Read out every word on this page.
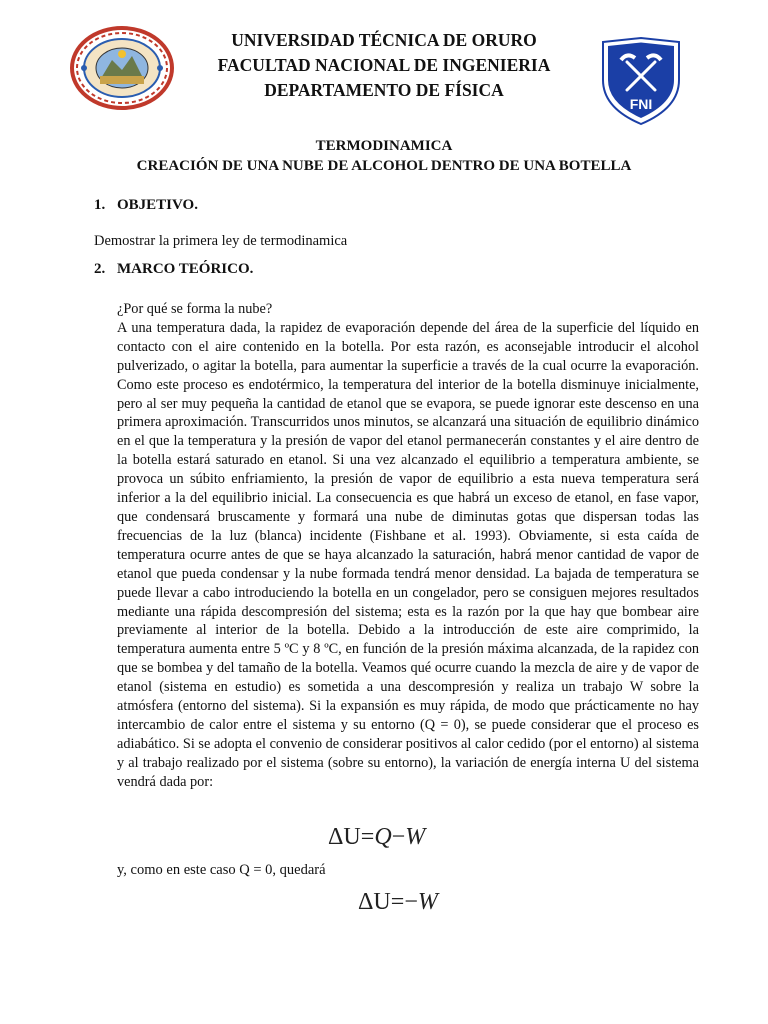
UNIVERSIDAD TÉCNICA DE ORURO
FACULTAD NACIONAL DE INGENIERIA
DEPARTAMENTO DE FÍSICA
FNI
TERMODINAMICA
CREACIÓN DE UNA NUBE DE ALCOHOL DENTRO DE UNA BOTELLA
1. OBJETIVO.
Demostrar la primera ley de termodinamica
2. MARCO TEÓRICO.

¿Por qué se forma la nube?

A una temperatura dada, la rapidez de evaporación depende del área de la superficie del líquido en contacto con el aire contenido en la botella. Por esta razón, es aconsejable introducir el alcohol pulverizado, o agitar la botella, para aumentar la superficie a través de la cual ocurre la evaporación. Como este proceso es endotérmico, la temperatura del interior de la botella disminuye inicialmente, pero al ser muy pequeña la cantidad de etanol que se evapora, se puede ignorar este descenso en una primera aproximación. Transcurridos unos minutos, se alcanzará una situación de equilibrio dinámico en el que la temperatura y la presión de vapor del etanol permanecerán constantes y el aire dentro de la botella estará saturado en etanol. Si una vez alcanzado el equilibrio a temperatura ambiente, se provoca un súbito enfriamiento, la presión de vapor de equilibrio a esta nueva temperatura será inferior a la del equilibrio inicial. La consecuencia es que habrá un exceso de etanol, en fase vapor, que condensará bruscamente y formará una nube de diminutas gotas que dispersan todas las frecuencias de la luz (blanca) incidente (Fishbane et al. 1993). Obviamente, si esta caída de temperatura ocurre antes de que se haya alcanzado la saturación, habrá menor cantidad de vapor de etanol que pueda condensar y la nube formada tendrá menor densidad. La bajada de temperatura se puede llevar a cabo introduciendo la botella en un congelador, pero se consiguen mejores resultados mediante una rápida descompresión del sistema; esta es la razón por la que hay que bombear aire previamente al interior de la botella. Debido a la introducción de este aire comprimido, la temperatura aumenta entre 5 ºC y 8 ºC, en función de la presión máxima alcanzada, de la rapidez con que se bombea y del tamaño de la botella. Veamos qué ocurre cuando la mezcla de aire y de vapor de etanol (sistema en estudio) es sometida a una descompresión y realiza un trabajo W sobre la atmósfera (entorno del sistema). Si la expansión es muy rápida, de modo que prácticamente no hay intercambio de calor entre el sistema y su entorno (Q = 0), se puede considerar que el proceso es adiabático. Si se adopta el convenio de considerar positivos al calor cedido (por el entorno) al sistema y al trabajo realizado por el sistema (sobre su entorno), la variación de energía interna U del sistema vendrá dada por:

ΔU=Q−W
y, como en este caso Q = 0, quedará
ΔU=−W
